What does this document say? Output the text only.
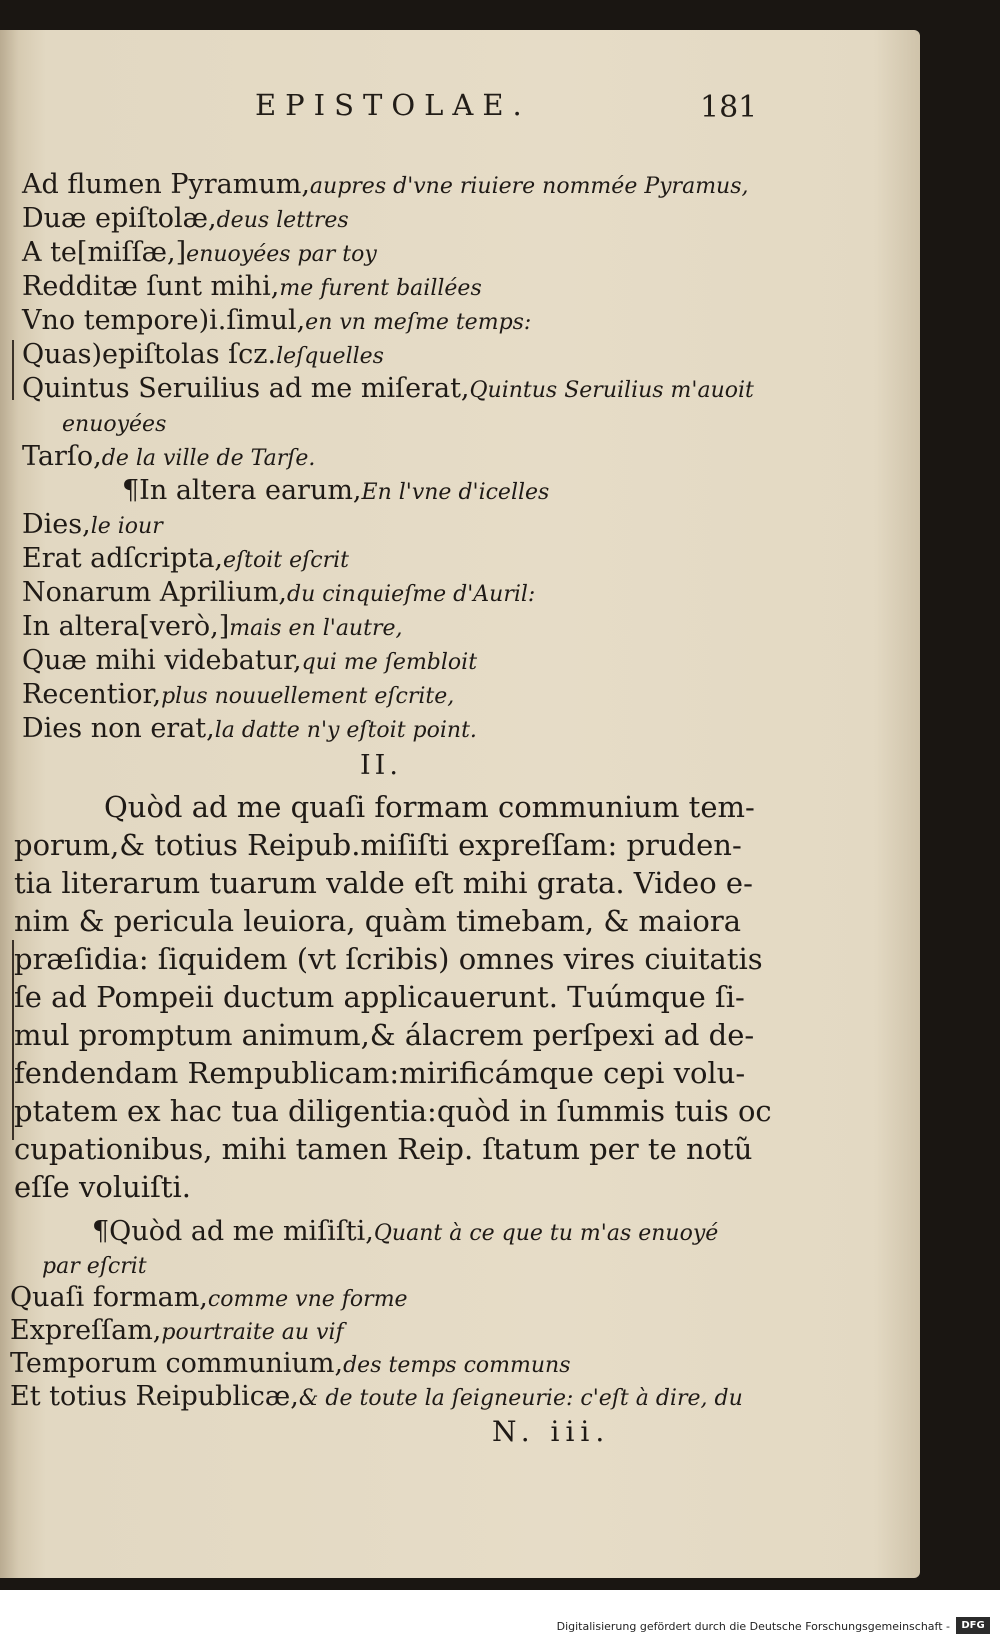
EPISTOLAE.	181
Ad flumen Pyramum,aupres d'vne riuiere nommée Pyramus,
Duæ epiſtolæ,deus lettres
A te[miſſæ,]enuoyées par toy
Redditæ ſunt mihi,me furent baillées
Vno tempore)i.ſimul,en vn meſme temps:
Quas)epiſtolas ſcz.leſquelles
Quintus Seruilius ad me miſerat,Quintus Seruilius m'auoit
enuoyées
Tarſo,de la ville de Tarſe.
¶In altera earum,En l'vne d'icelles
Dies,le iour
Erat adſcripta,eſtoit eſcrit
Nonarum Aprilium,du cinquieſme d'Auril:
In altera[verò,]mais en l'autre,
Quæ mihi videbatur,qui me ſembloit
Recentior,plus nouuellement eſcrite,
Dies non erat,la datte n'y eſtoit point.
II.
Quòd ad me quaſi formam communium tem-
porum,& totius Reipub.miſiſti expreſſam: pruden-
tia literarum tuarum valde eſt mihi grata. Video e-
nim & pericula leuiora, quàm timebam, & maiora
præſidia: ſiquidem (vt ſcribis) omnes vires ciuitatis
ſe ad Pompeii ductum applicauerunt. Tuúmque ſi-
mul promptum animum,& álacrem perſpexi ad de-
fendendam Rempublicam:mirificámque cepi volu-
ptatem ex hac tua diligentia:quòd in ſummis tuis oc
cupationibus, mihi tamen Reip. ſtatum per te notũ
eſſe voluiſti.
¶Quòd ad me miſiſti,Quant à ce que tu m'as enuoyé
par eſcrit
Quaſi formam,comme vne forme
Expreſſam,pourtraite au vif
Temporum communium,des temps communs
Et totius Reipublicæ,& de toute la ſeigneurie: c'eſt à dire, du
N. iii.
Digitalisierung gefördert durch die Deutsche Forschungsgemeinschaft -	DFG
